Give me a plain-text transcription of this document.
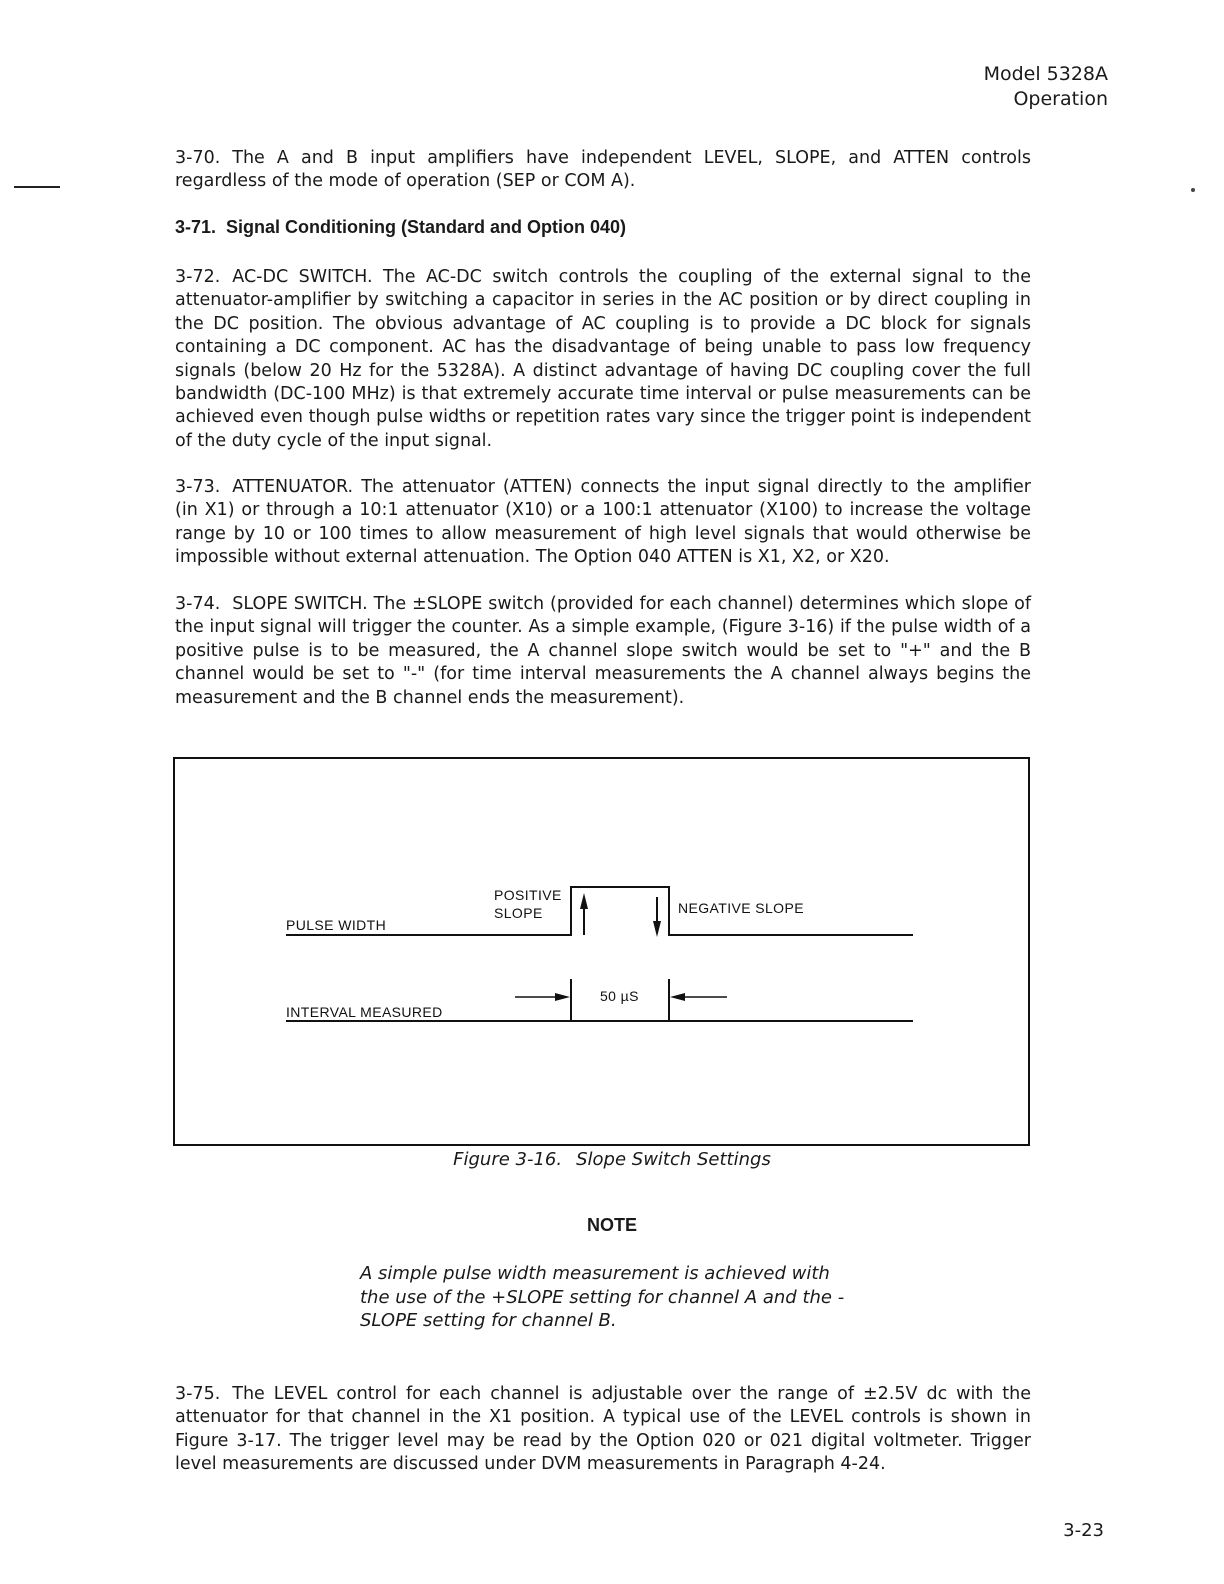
Model 5328A
Operation

3-70. The A and B input amplifiers have independent LEVEL, SLOPE, and ATTEN controls regardless of the mode of operation (SEP or COM A).

3-71. Signal Conditioning (Standard and Option 040)

3-72. AC-DC SWITCH. The AC-DC switch controls the coupling of the external signal to the attenuator-amplifier by switching a capacitor in series in the AC position or by direct coupling in the DC position. The obvious advantage of AC coupling is to provide a DC block for signals containing a DC component. AC has the disadvantage of being unable to pass low frequency signals (below 20 Hz for the 5328A). A distinct advantage of having DC coupling cover the full bandwidth (DC-100 MHz) is that extremely accurate time interval or pulse measurements can be achieved even though pulse widths or repetition rates vary since the trigger point is independent of the duty cycle of the input signal.

3-73. ATTENUATOR. The attenuator (ATTEN) connects the input signal directly to the amplifier (in X1) or through a 10:1 attenuator (X10) or a 100:1 attenuator (X100) to increase the voltage range by 10 or 100 times to allow measurement of high level signals that would otherwise be impossible without external attenuation. The Option 040 ATTEN is X1, X2, or X20.

3-74. SLOPE SWITCH. The ±SLOPE switch (provided for each channel) determines which slope of the input signal will trigger the counter. As a simple example, (Figure 3-16) if the pulse width of a positive pulse is to be measured, the A channel slope switch would be set to "+" and the B channel would be set to "-" (for time interval measurements the A channel always begins the measurement and the B channel ends the measurement).

PULSE WIDTH
POSITIVE
SLOPE	NEGATIVE SLOPE
50 µS
INTERVAL MEASURED
Figure 3-16. Slope Switch Settings
NOTE

A simple pulse width measurement is achieved with the use of the +SLOPE setting for channel A and the -SLOPE setting for channel B.

3-75. The LEVEL control for each channel is adjustable over the range of ±2.5V dc with the attenuator for that channel in the X1 position. A typical use of the LEVEL controls is shown in Figure 3-17. The trigger level may be read by the Option 020 or 021 digital voltmeter. Trigger level measurements are discussed under DVM measurements in Paragraph 4-24.

3-23
